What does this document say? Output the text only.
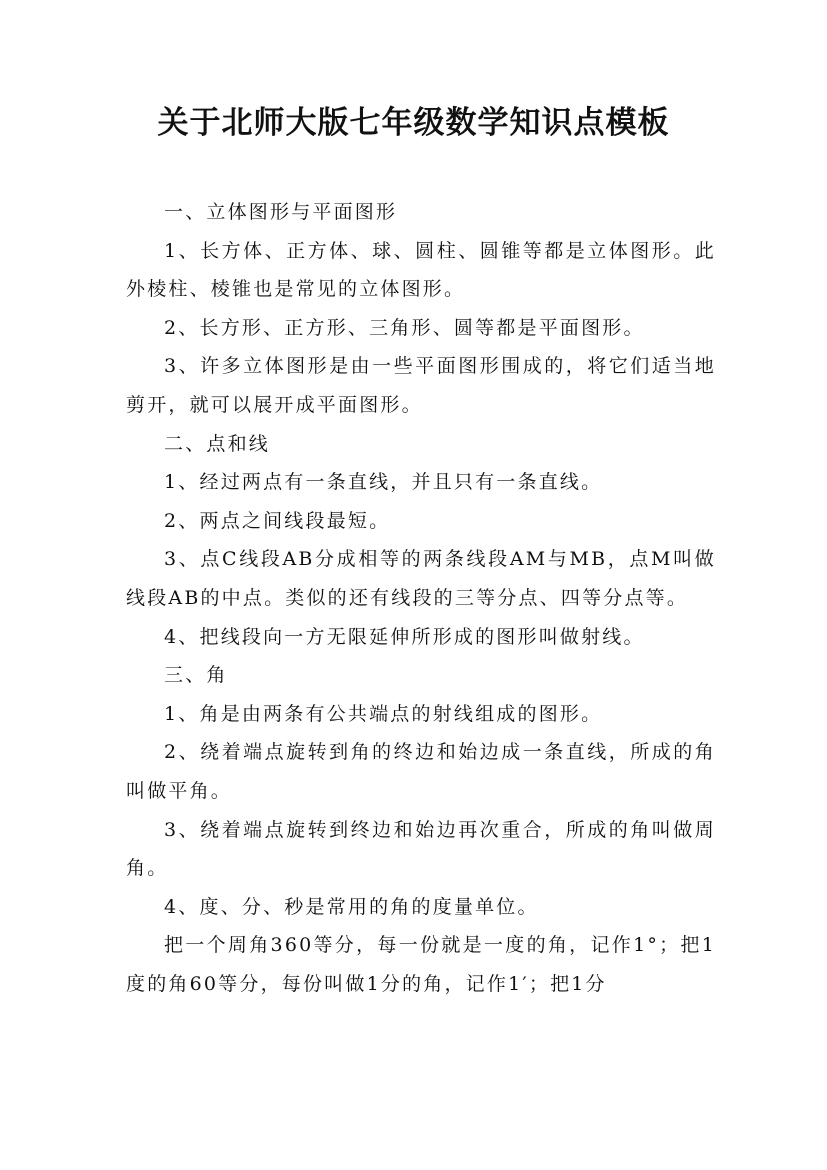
关于北师大版七年级数学知识点模板

一、立体图形与平面图形

1、长方体、正方体、球、圆柱、圆锥等都是立体图形。此外棱柱、棱锥也是常见的立体图形。

2、长方形、正方形、三角形、圆等都是平面图形。

3、许多立体图形是由一些平面图形围成的，将它们适当地剪开，就可以展开成平面图形。

二、点和线

1、经过两点有一条直线，并且只有一条直线。

2、两点之间线段最短。

3、点C线段AB分成相等的两条线段AM与MB，点M叫做线段AB的中点。类似的还有线段的三等分点、四等分点等。

4、把线段向一方无限延伸所形成的图形叫做射线。

三、角

1、角是由两条有公共端点的射线组成的图形。

2、绕着端点旋转到角的终边和始边成一条直线，所成的角叫做平角。

3、绕着端点旋转到终边和始边再次重合，所成的角叫做周角。

4、度、分、秒是常用的角的度量单位。

把一个周角360等分，每一份就是一度的角，记作1°；把1度的角60等分，每份叫做1分的角，记作1′；把1分
